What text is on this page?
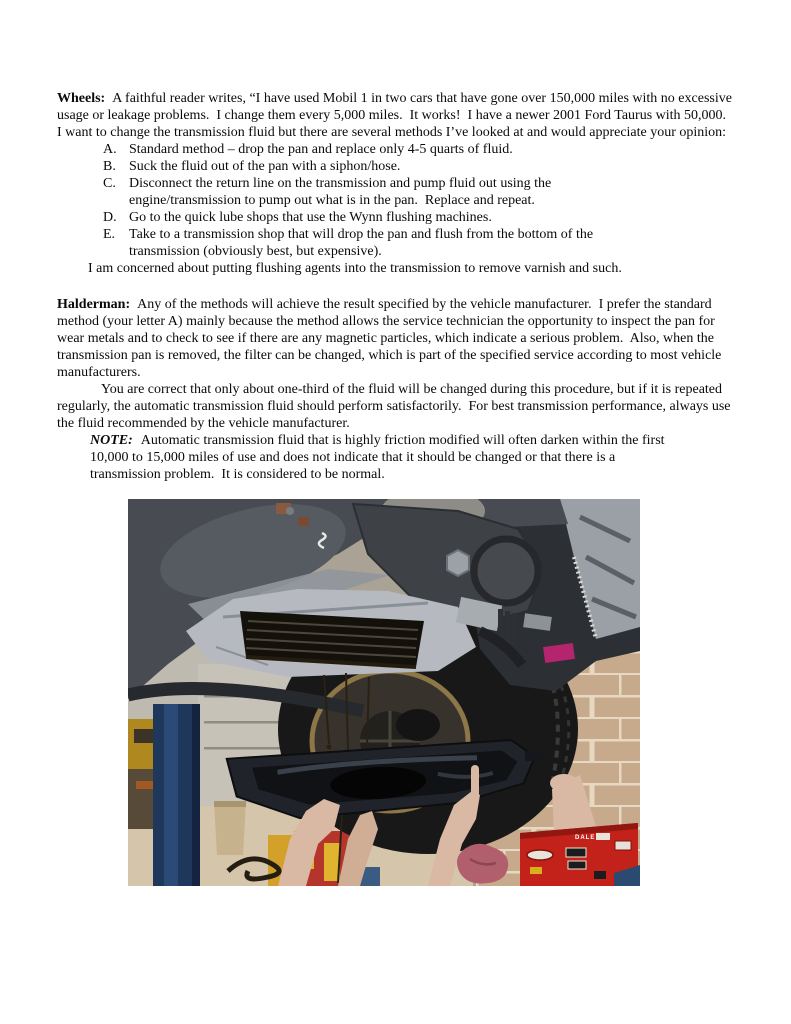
Wheels: A faithful reader writes, “I have used Mobil 1 in two cars that have gone over 150,000 miles with no excessive usage or leakage problems.  I change them every 5,000 miles.  It works!  I have a newer 2001 Ford Taurus with 50,000.  I want to change the transmission fluid but there are several methods I’ve looked at and would appreciate your opinion:

A. Standard method – drop the pan and replace only 4-5 quarts of fluid.
B. Suck the fluid out of the pan with a siphon/hose.
C. Disconnect the return line on the transmission and pump fluid out using the
engine/transmission to pump out what is in the pan.  Replace and repeat.
D. Go to the quick lube shops that use the Wynn flushing machines.
E. Take to a transmission shop that will drop the pan and flush from the bottom of the
transmission (obviously best, but expensive).

I am concerned about putting flushing agents into the transmission to remove varnish and such.

Halderman: Any of the methods will achieve the result specified by the vehicle manufacturer.  I prefer the standard method (your letter A) mainly because the method allows the service technician the opportunity to inspect the pan for wear metals and to check to see if there are any magnetic particles, which indicate a serious problem.  Also, when the transmission pan is removed, the filter can be changed, which is part of the specified service according to most vehicle manufacturers.

You are correct that only about one-third of the fluid will be changed during this procedure, but if it is repeated regularly, the automatic transmission fluid should perform satisfactorily.  For best transmission performance, always use the fluid recommended by the vehicle manufacturer.

NOTE: Automatic transmission fluid that is highly friction modified will often darken within the first 10,000 to 15,000 miles of use and does not indicate that it should be changed or that there is a transmission problem.  It is considered to be normal.

DALE
